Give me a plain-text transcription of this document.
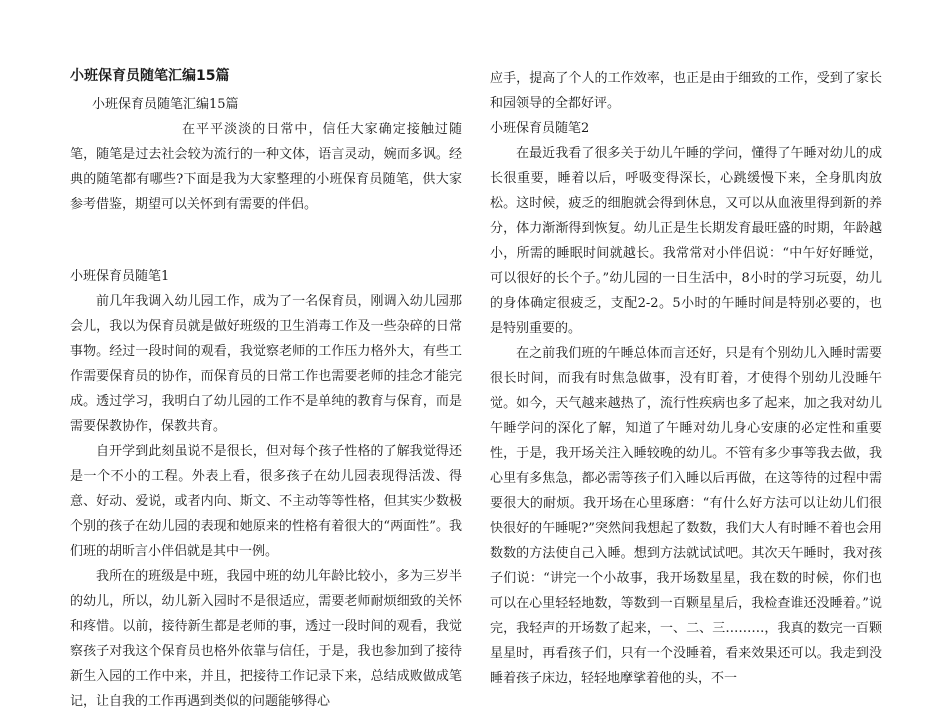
小班保育员随笔汇编15篇

小班保育员随笔汇编15篇

在平平淡淡的日常中，信任大家确定接触过随笔，随笔是过去社会较为流行的一种文体，语言灵动，婉而多讽。经典的随笔都有哪些?下面是我为大家整理的小班保育员随笔，供大家参考借鉴，期望可以关怀到有需要的伴侣。

小班保育员随笔1

前几年我调入幼儿园工作，成为了一名保育员，刚调入幼儿园那会儿，我以为保育员就是做好班级的卫生消毒工作及一些杂碎的日常事物。经过一段时间的观看，我觉察老师的工作压力格外大，有些工作需要保育员的协作，而保育员的日常工作也需要老师的挂念才能完成。透过学习，我明白了幼儿园的工作不是单纯的教育与保育，而是需要保教协作，保教共育。

自开学到此刻虽说不是很长，但对每个孩子性格的了解我觉得还是一个不小的工程。外表上看，很多孩子在幼儿园表现得活泼、得意、好动、爱说，或者内向、斯文、不主动等等性格，但其实少数极个别的孩子在幼儿园的表现和她原来的性格有着很大的“两面性”。我们班的胡昕言小伴侣就是其中一例。

我所在的班级是中班，我园中班的幼儿年龄比较小，多为三岁半的幼儿，所以，幼儿新入园时不是很适应，需要老师耐烦细致的关怀和疼惜。以前，接待新生都是老师的事，透过一段时间的观看，我觉察孩子对我这个保育员也格外依靠与信任，于是，我也参加到了接待新生入园的工作中来，并且，把接待工作记录下来，总结成败做成笔记，让自我的工作再遇到类似的问题能够得心

应手，提高了个人的工作效率，也正是由于细致的工作，受到了家长和园领导的全都好评。

小班保育员随笔2

在最近我看了很多关于幼儿午睡的学问，懂得了午睡对幼儿的成长很重要，睡着以后，呼吸变得深长，心跳缓慢下来，全身肌肉放松。这时候，疲乏的细胞就会得到休息，又可以从血液里得到新的养分，体力渐渐得到恢复。幼儿正是生长期发育最旺盛的时期，年龄越小，所需的睡眠时间就越长。我常常对小伴侣说：“中午好好睡觉，可以很好的长个子。”幼儿园的一日生活中，8小时的学习玩耍，幼儿的身体确定很疲乏，支配2-2。5小时的午睡时间是特别必要的，也是特别重要的。

在之前我们班的午睡总体而言还好，只是有个别幼儿入睡时需要很长时间，而我有时焦急做事，没有盯着，才使得个别幼儿没睡午觉。如今，天气越来越热了，流行性疾病也多了起来，加之我对幼儿午睡学问的深化了解，知道了午睡对幼儿身心安康的必定性和重要性，于是，我开场关注入睡较晚的幼儿。不管有多少事等我去做，我心里有多焦急，都必需等孩子们入睡以后再做，在这等待的过程中需要很大的耐烦。我开场在心里琢磨：“有什么好方法可以让幼儿们很快很好的午睡呢?”突然间我想起了数数，我们大人有时睡不着也会用数数的方法使自己入睡。想到方法就试试吧。其次天午睡时，我对孩子们说：“讲完一个小故事，我开场数星星，我在数的时候，你们也可以在心里轻轻地数，等数到一百颗星星后，我检查谁还没睡着。”说完，我轻声的开场数了起来，一、二、三………，我真的数完一百颗星星时，再看孩子们，只有一个没睡着，看来效果还可以。我走到没睡着孩子床边，轻轻地摩挲着他的头，不一
